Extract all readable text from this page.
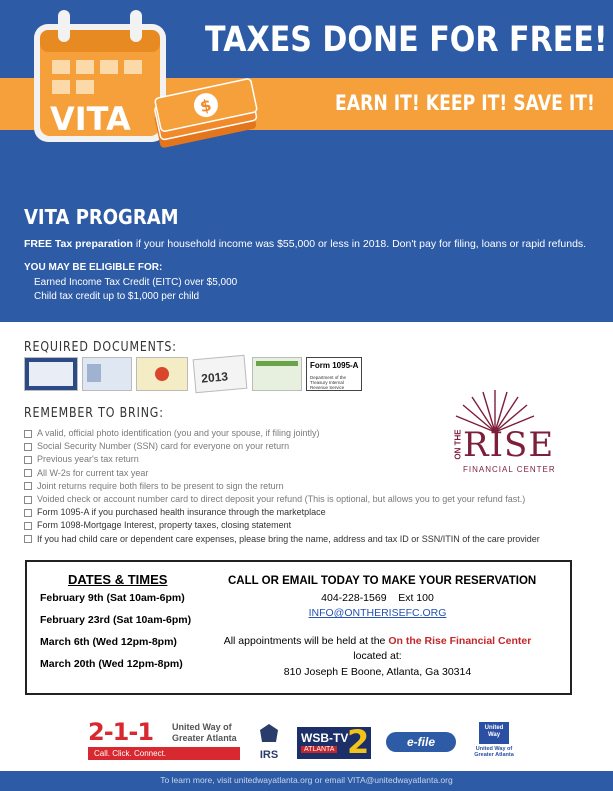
VITA	$
TAXES DONE FOR FREE!
EARN IT! KEEP IT! SAVE IT!
VITA PROGRAM
FREE Tax preparation if your household income was $55,000 or less in 2018. Don't pay for filing, loans or rapid refunds.
YOU MAY BE ELIGIBLE FOR:
Earned Income Tax Credit (EITC) over $5,000
Child tax credit up to $1,000 per child
REQUIRED DOCUMENTS:
2013
Form 1095-A
Department of the Treasury Internal Revenue Service
REMEMBER TO BRING:
A valid, official photo identification (you and your spouse, if filing jointly)
Social Security Number (SSN) card for everyone on your return
Previous year's tax return
All W-2s for current tax year
Joint returns require both filers to be present to sign the return
Voided check or account number card to direct deposit your refund (This is optional, but allows you to get your refund fast.)
Form 1095-A if you purchased health insurance through the marketplace
Form 1098-Mortgage Interest, property taxes, closing statement
If you had child care or dependent care expenses, please bring the name, address and tax ID or SSN/ITIN of the care provider
ON THE RISE
FINANCIAL CENTER
DATES & TIMES
February 9th (Sat 10am-6pm)
February 23rd (Sat 10am-6pm)
March 6th (Wed 12pm-8pm)
March 20th (Wed 12pm-8pm)
CALL OR EMAIL TODAY TO MAKE YOUR RESERVATION
404-228-1569 Ext 100
INFO@ONTHERISEFC.ORG
All appointments will be held at the On the Rise Financial Center
located at:
810 Joseph E Boone, Atlanta, Ga 30314
2-1-1 United Way of
Greater Atlanta
Call. Click. Connect.	IRS
WSB-TV
ATLANTA 2	e-file
United
Way
United Way of
Greater Atlanta
To learn more, visit unitedwayatlanta.org or email VITA@unitedwayatlanta.org
